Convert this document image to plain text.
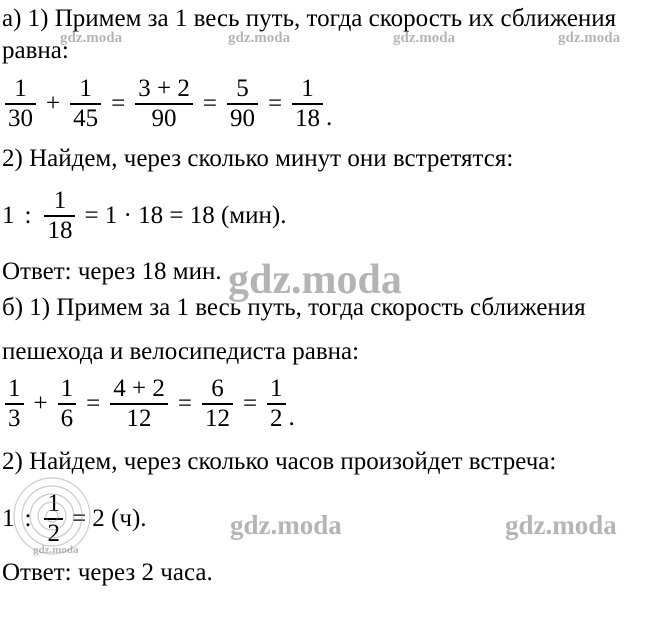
а) 1) Примем за 1 весь путь, тогда скорость их сближения
равна:
$\frac{1}{30} + \frac{1}{45} = \frac{3 + 2}{90} = \frac{5}{90} = \frac{1}{18}$ .
2) Найдем, через сколько минут они встретятся:
1 : $\frac{1}{18} = 1 \cdot 18 = 18$ (мин).
Ответ: через 18 мин.
б) 1) Примем за 1 весь путь, тогда скорость сближения
пешехода и велосипедиста равна:
$\frac{1}{3} + \frac{1}{6} = \frac{4 + 2}{12} = \frac{6}{12} = \frac{1}{2}$ .
2) Найдем, через сколько часов произойдет встреча:
1 : $\frac{1}{2} = 2$ (ч).
Ответ: через 2 часа.
gdz.moda	gdz.moda	gdz.moda	gdz.moda
gdz.moda
gdz.moda	gdz.moda
gdz.moda
